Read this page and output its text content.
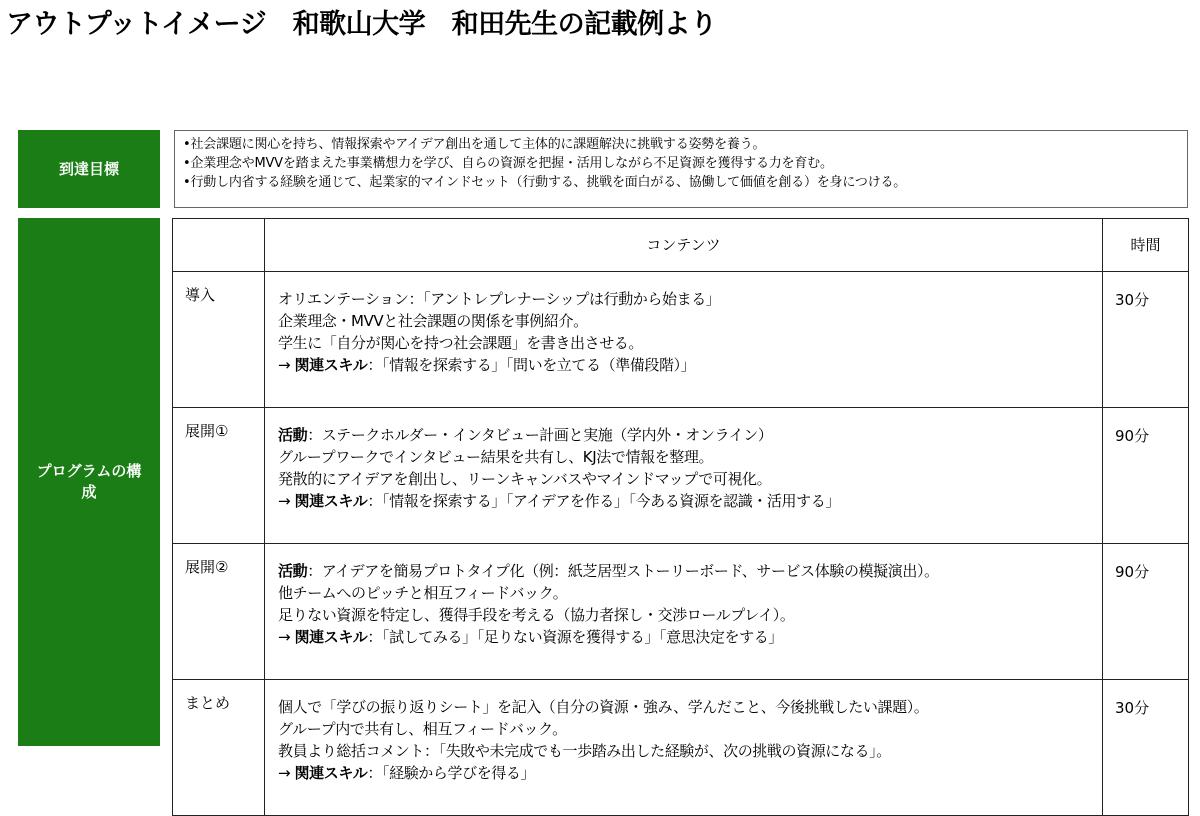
アウトプットイメージ　和歌山大学　和田先生の記載例より
到達目標
•社会課題に関心を持ち、情報探索やアイデア創出を通して主体的に課題解決に挑戦する姿勢を養う。
•企業理念やMVVを踏まえた事業構想力を学び、自らの資源を把握・活用しながら不足資源を獲得する力を育む。
•行動し内省する経験を通じて、起業家的マインドセット（行動する、挑戦を面白がる、協働して価値を創る）を身につける。
プログラムの構成
	コンテンツ	時間
導入	オリエンテーション：「アントレプレナーシップは行動から始まる」
企業理念・MVVと社会課題の関係を事例紹介。
学生に「自分が関心を持つ社会課題」を書き出させる。
→ 関連スキル：「情報を探索する」「問いを立てる（準備段階）」	30分
展開①	活動：ステークホルダー・インタビュー計画と実施（学内外・オンライン）
グループワークでインタビュー結果を共有し、KJ法で情報を整理。
発散的にアイデアを創出し、リーンキャンバスやマインドマップで可視化。
→ 関連スキル：「情報を探索する」「アイデアを作る」「今ある資源を認識・活用する」	90分
展開②	活動：アイデアを簡易プロトタイプ化（例：紙芝居型ストーリーボード、サービス体験の模擬演出）。
他チームへのピッチと相互フィードバック。
足りない資源を特定し、獲得手段を考える（協力者探し・交渉ロールプレイ）。
→ 関連スキル：「試してみる」「足りない資源を獲得する」「意思決定をする」	90分
まとめ	個人で「学びの振り返りシート」を記入（自分の資源・強み、学んだこと、今後挑戦したい課題）。
グループ内で共有し、相互フィードバック。
教員より総括コメント：「失敗や未完成でも一歩踏み出した経験が、次の挑戦の資源になる」。
→ 関連スキル：「経験から学びを得る」	30分
